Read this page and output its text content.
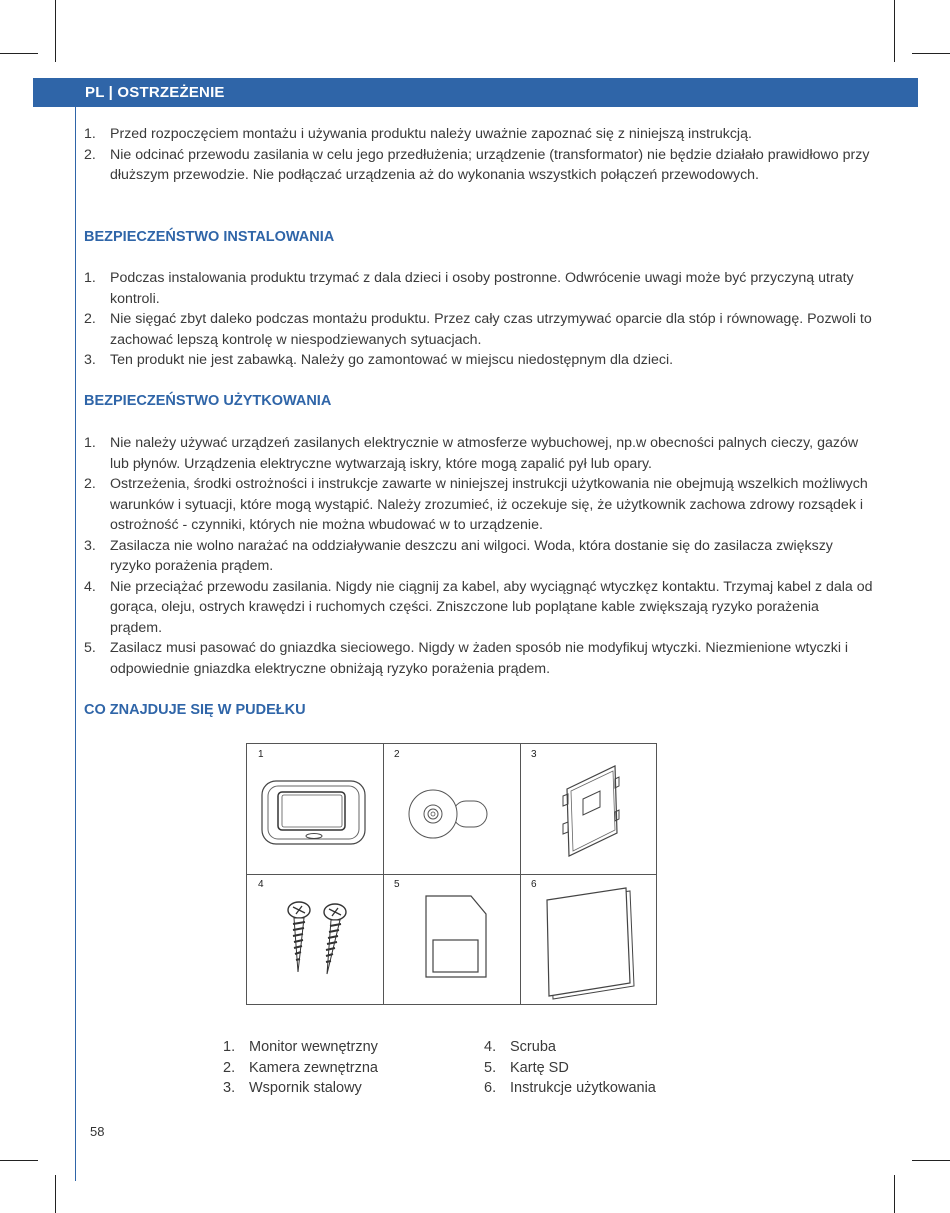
PL | OSTRZEŻENIE
1. Przed rozpoczęciem montażu i używania produktu należy uważnie zapoznać się z niniejszą instrukcją.
2. Nie odcinać przewodu zasilania w celu jego przedłużenia; urządzenie (transformator) nie będzie działało prawidłowo przy dłuższym przewodzie. Nie podłączać urządzenia aż do wykonania wszystkich połączeń przewodowych.
BEZPIECZEŃSTWO INSTALOWANIA
1. Podczas instalowania produktu trzymać z dala dzieci i osoby postronne. Odwrócenie uwagi może być przyczyną utraty kontroli.
2. Nie sięgać zbyt daleko podczas montażu produktu. Przez cały czas utrzymywać oparcie dla stóp i równowagę. Pozwoli to zachować lepszą kontrolę w niespodziewanych sytuacjach.
3. Ten produkt nie jest zabawką. Należy go zamontować w miejscu niedostępnym dla dzieci.
BEZPIECZEŃSTWO UŻYTKOWANIA
1. Nie należy używać urządzeń zasilanych elektrycznie w atmosferze wybuchowej, np.w obecności palnych cieczy, gazów lub płynów. Urządzenia elektryczne wytwarzają iskry, które mogą zapalić pył lub opary.
2. Ostrzeżenia, środki ostrożności i instrukcje zawarte w niniejszej instrukcji użytkowania nie obejmują wszelkich możliwych warunków i sytuacji, które mogą wystąpić. Należy zrozumieć, iż oczekuje się, że użytkownik zachowa zdrowy rozsądek i ostrożność - czynniki, których nie można wbudować w to urządzenie.
3. Zasilacza nie wolno narażać na oddziaływanie deszczu ani wilgoci. Woda, która dostanie się do zasilacza zwiększy ryzyko porażenia prądem.
4. Nie przeciążać przewodu zasilania. Nigdy nie ciągnij za kabel, aby wyciągnąć wtyczkęz kontaktu. Trzymaj kabel z dala od gorąca, oleju, ostrych krawędzi i ruchomych części. Zniszczone lub poplątane kable zwiększają ryzyko porażenia prądem.
5. Zasilacz musi pasować do gniazdka sieciowego. Nigdy w żaden sposób nie modyfikuj wtyczki. Niezmienione wtyczki i odpowiednie gniazdka elektryczne obniżają ryzyko porażenia prądem.
CO ZNAJDUJE SIĘ W PUDEŁKU
1	2	3
4	5	6
1. Monitor wewnętrzny
2. Kamera zewnętrzna
3. Wspornik stalowy
4. Scruba
5. Kartę SD
6. Instrukcje użytkowania
58
